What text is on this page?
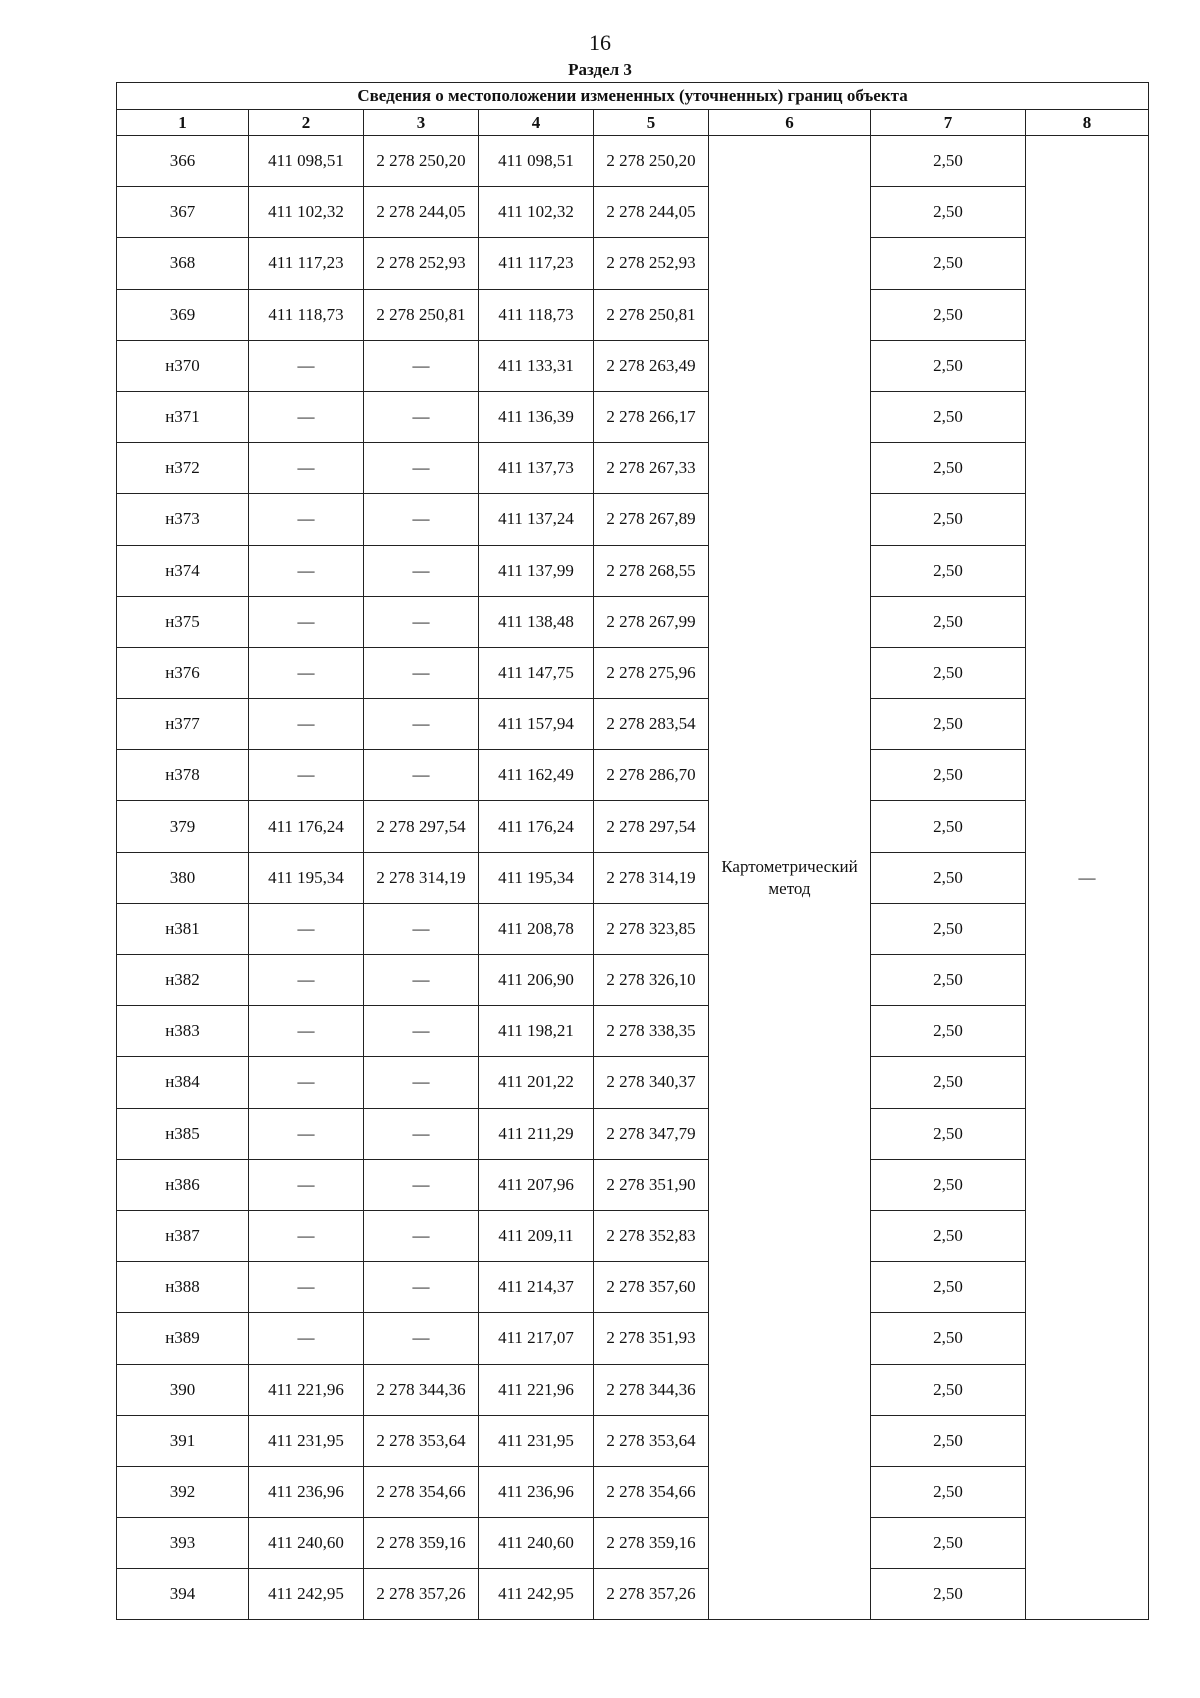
16
Раздел 3
Сведения о местоположении измененных (уточненных) границ объекта							
1	2	3	4	5	6	7	8
366	411 098,51	2 278 250,20	411 098,51	2 278 250,20	Картометрический метод	2,50	—
367	411 102,32	2 278 244,05	411 102,32	2 278 244,05		2,50	
368	411 117,23	2 278 252,93	411 117,23	2 278 252,93		2,50	
369	411 118,73	2 278 250,81	411 118,73	2 278 250,81		2,50	
н370	—	—	411 133,31	2 278 263,49		2,50	
н371	—	—	411 136,39	2 278 266,17		2,50	
н372	—	—	411 137,73	2 278 267,33		2,50	
н373	—	—	411 137,24	2 278 267,89		2,50	
н374	—	—	411 137,99	2 278 268,55		2,50	
н375	—	—	411 138,48	2 278 267,99		2,50	
н376	—	—	411 147,75	2 278 275,96		2,50	
н377	—	—	411 157,94	2 278 283,54		2,50	
н378	—	—	411 162,49	2 278 286,70		2,50	
379	411 176,24	2 278 297,54	411 176,24	2 278 297,54		2,50	
380	411 195,34	2 278 314,19	411 195,34	2 278 314,19		2,50	
н381	—	—	411 208,78	2 278 323,85		2,50	
н382	—	—	411 206,90	2 278 326,10		2,50	
н383	—	—	411 198,21	2 278 338,35		2,50	
н384	—	—	411 201,22	2 278 340,37		2,50	
н385	—	—	411 211,29	2 278 347,79		2,50	
н386	—	—	411 207,96	2 278 351,90		2,50	
н387	—	—	411 209,11	2 278 352,83		2,50	
н388	—	—	411 214,37	2 278 357,60		2,50	
н389	—	—	411 217,07	2 278 351,93		2,50	
390	411 221,96	2 278 344,36	411 221,96	2 278 344,36		2,50	
391	411 231,95	2 278 353,64	411 231,95	2 278 353,64		2,50	
392	411 236,96	2 278 354,66	411 236,96	2 278 354,66		2,50	
393	411 240,60	2 278 359,16	411 240,60	2 278 359,16		2,50	
394	411 242,95	2 278 357,26	411 242,95	2 278 357,26		2,50	
